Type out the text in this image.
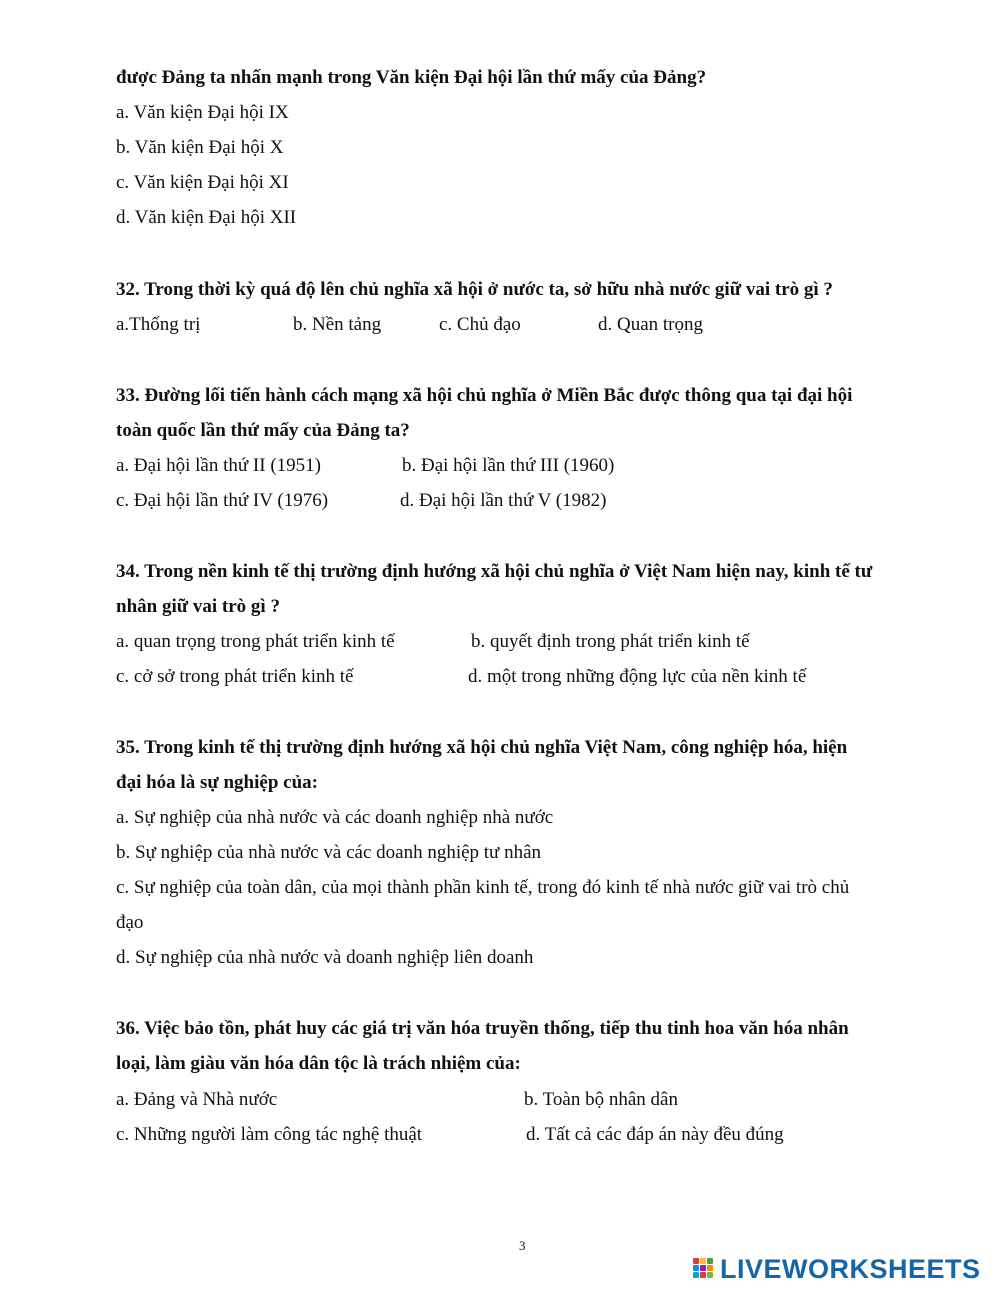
được Đảng ta nhấn mạnh trong Văn kiện Đại hội lần thứ mấy của Đảng?
a. Văn kiện Đại hội IX
b. Văn kiện Đại hội X
c. Văn kiện Đại hội XI
d. Văn kiện Đại hội XII
32. Trong thời kỳ quá độ lên chủ nghĩa xã hội ở nước ta, sở hữu nhà nước giữ vai trò gì ?
a.Thống trị	b. Nền tảng	c. Chủ đạo	d. Quan trọng
33. Đường lối tiến hành cách mạng xã hội chủ nghĩa ở Miền Bắc được thông qua tại đại hội
toàn quốc lần thứ mấy của Đảng ta?
a. Đại hội lần thứ II (1951)	b. Đại hội lần thứ III (1960)
c. Đại hội lần thứ IV (1976)	d. Đại hội lần thứ V (1982)
34. Trong nền kinh tế thị trường định hướng xã hội chủ nghĩa ở Việt Nam hiện nay, kinh tế tư
nhân giữ vai trò gì ?
a. quan trọng trong phát triển kinh tế	b. quyết định trong phát triển kinh tế
c. cở sở trong phát triển kinh tế	d. một trong những động lực của nền kinh tế
35. Trong kinh tế thị trường định hướng xã hội chủ nghĩa Việt Nam, công nghiệp hóa, hiện
đại hóa là sự nghiệp của:
a. Sự nghiệp của nhà nước và các doanh nghiệp nhà nước
b. Sự nghiệp của nhà nước và các doanh nghiệp tư nhân
c. Sự nghiệp của toàn dân, của mọi thành phần kinh tế, trong đó kinh tế nhà nước giữ vai trò chủ
đạo
d. Sự nghiệp của nhà nước và doanh nghiệp liên doanh
36. Việc bảo tồn, phát huy các giá trị văn hóa truyền thống, tiếp thu tinh hoa văn hóa nhân
loại, làm giàu văn hóa dân tộc là trách nhiệm của:
a. Đảng và Nhà nước	b. Toàn bộ nhân dân
c. Những người làm công tác nghệ thuật	d. Tất cả các đáp án này đều đúng
3
LIVEWORKSHEETS
